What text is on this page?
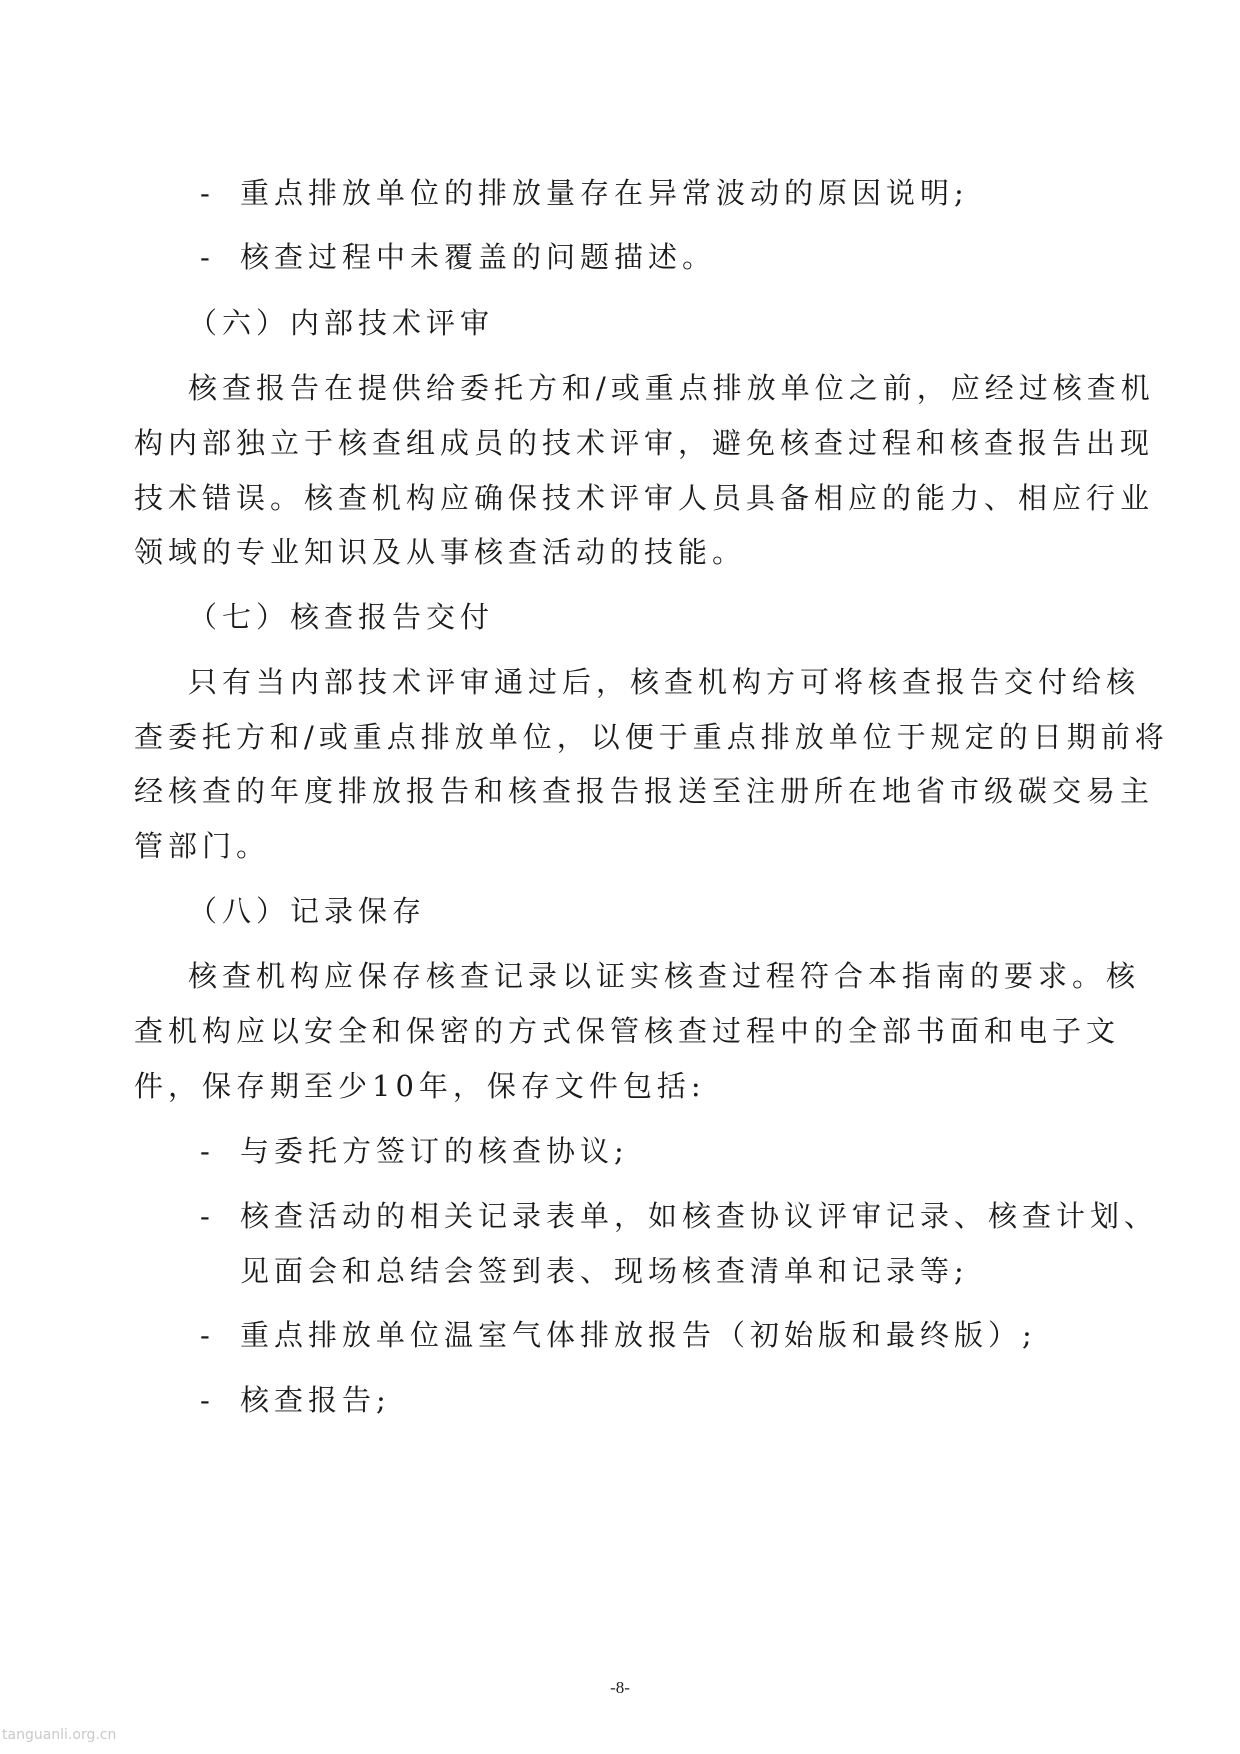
- 重点排放单位的排放量存在异常波动的原因说明;
- 核查过程中未覆盖的问题描述。
（六）内部技术评审
核查报告在提供给委托方和/或重点排放单位之前，应经过核查机
构内部独立于核查组成员的技术评审，避免核查过程和核查报告出现
技术错误。核查机构应确保技术评审人员具备相应的能力、相应行业
领域的专业知识及从事核查活动的技能。
（七）核查报告交付
只有当内部技术评审通过后，核查机构方可将核查报告交付给核
查委托方和/或重点排放单位，以便于重点排放单位于规定的日期前将
经核查的年度排放报告和核查报告报送至注册所在地省市级碳交易主
管部门。
（八）记录保存
核查机构应保存核查记录以证实核查过程符合本指南的要求。核
查机构应以安全和保密的方式保管核查过程中的全部书面和电子文
件，保存期至少10年，保存文件包括:
- 与委托方签订的核查协议;
- 核查活动的相关记录表单，如核查协议评审记录、核查计划、
见面会和总结会签到表、现场核查清单和记录等;
- 重点排放单位温室气体排放报告（初始版和最终版）;
- 核查报告;
-8-
tanguanli.org.cn
